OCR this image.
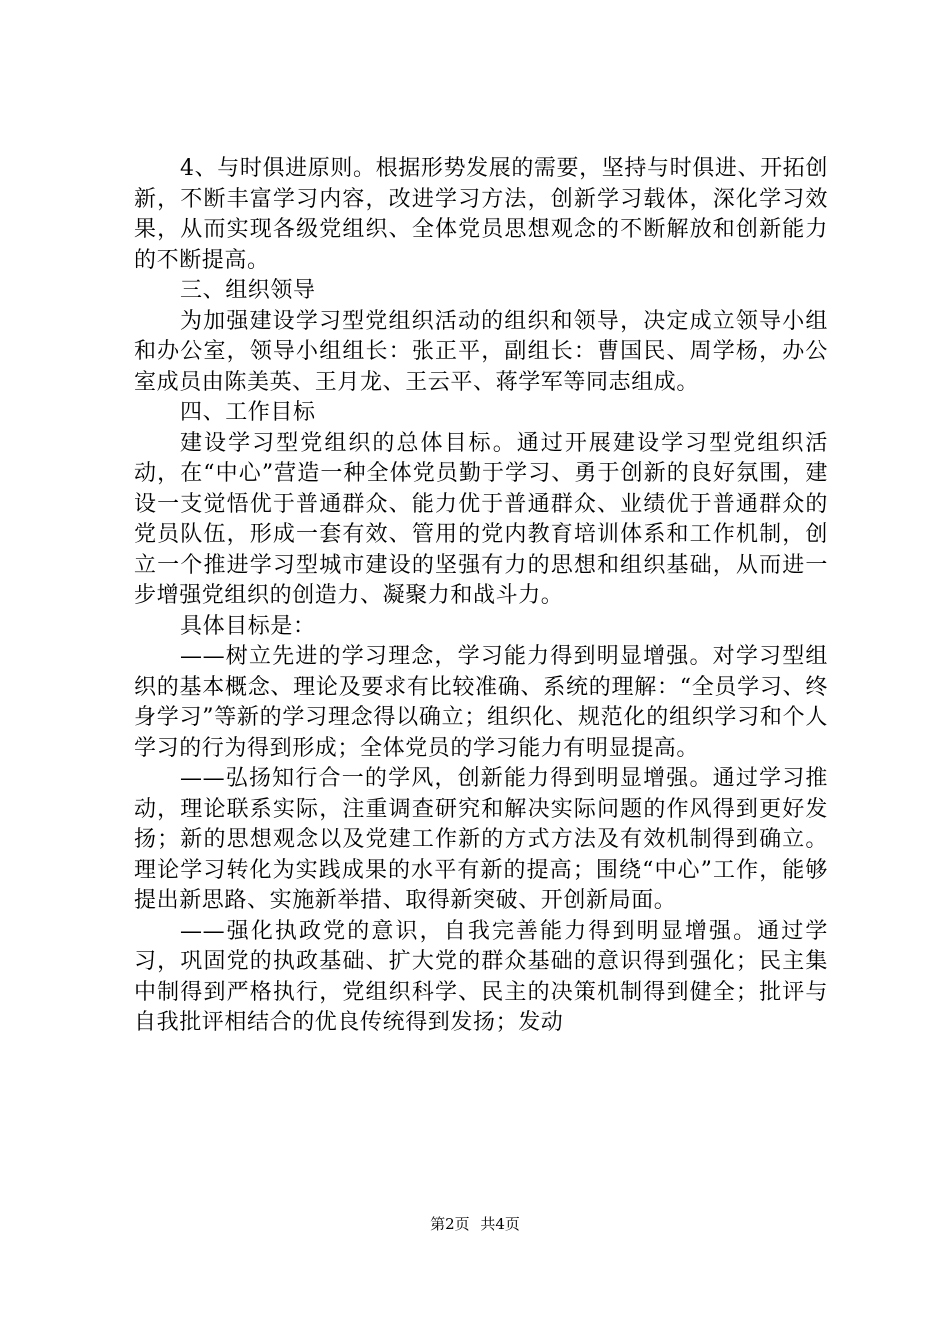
4、与时俱进原则。根据形势发展的需要，坚持与时俱进、开拓创新，不断丰富学习内容，改进学习方法，创新学习载体，深化学习效果，从而实现各级党组织、全体党员思想观念的不断解放和创新能力的不断提高。

三、组织领导

为加强建设学习型党组织活动的组织和领导，决定成立领导小组和办公室，领导小组组长：张正平，副组长：曹国民、周学杨，办公室成员由陈美英、王月龙、王云平、蒋学军等同志组成。

四、工作目标

建设学习型党组织的总体目标。通过开展建设学习型党组织活动，在“中心”营造一种全体党员勤于学习、勇于创新的良好氛围，建设一支觉悟优于普通群众、能力优于普通群众、业绩优于普通群众的党员队伍，形成一套有效、管用的党内教育培训体系和工作机制，创立一个推进学习型城市建设的坚强有力的思想和组织基础，从而进一步增强党组织的创造力、凝聚力和战斗力。

具体目标是：

——树立先进的学习理念，学习能力得到明显增强。对学习型组织的基本概念、理论及要求有比较准确、系统的理解：“全员学习、终身学习”等新的学习理念得以确立；组织化、规范化的组织学习和个人学习的行为得到形成；全体党员的学习能力有明显提高。

——弘扬知行合一的学风，创新能力得到明显增强。通过学习推动，理论联系实际，注重调查研究和解决实际问题的作风得到更好发扬；新的思想观念以及党建工作新的方式方法及有效机制得到确立。理论学习转化为实践成果的水平有新的提高；围绕“中心”工作，能够提出新思路、实施新举措、取得新突破、开创新局面。

——强化执政党的意识，自我完善能力得到明显增强。通过学习，巩固党的执政基础、扩大党的群众基础的意识得到强化；民主集中制得到严格执行，党组织科学、民主的决策机制得到健全；批评与自我批评相结合的优良传统得到发扬；发动

第2页 共4页
